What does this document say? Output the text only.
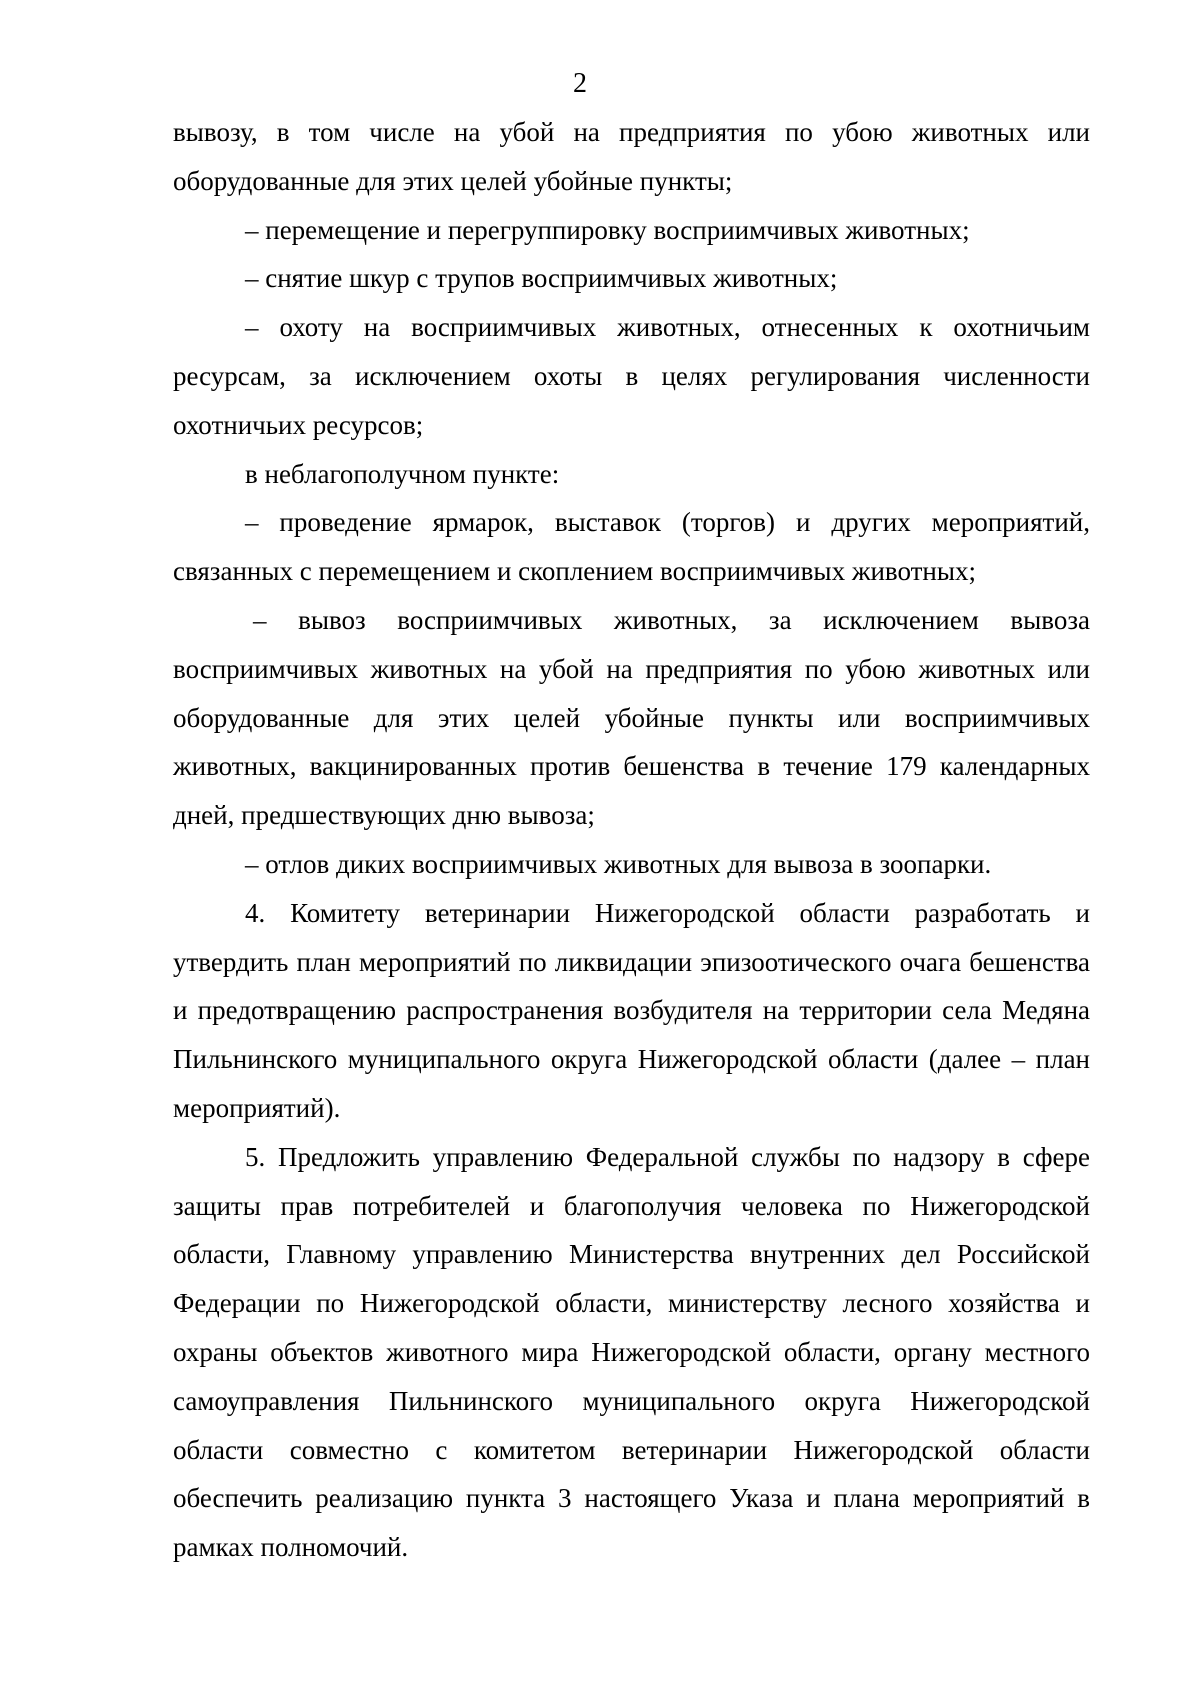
2

вывозу, в том числе на убой на предприятия по убою животных или оборудованные для этих целей убойные пункты;

– перемещение и перегруппировку восприимчивых животных;

– снятие шкур с трупов восприимчивых животных;

– охоту на восприимчивых животных, отнесенных к охотничьим ресурсам, за исключением охоты в целях регулирования численности охотничьих ресурсов;

в неблагополучном пункте:

– проведение ярмарок, выставок (торгов) и других мероприятий, связанных с перемещением и скоплением восприимчивых животных;

– вывоз восприимчивых животных, за исключением вывоза восприимчивых животных на убой на предприятия по убою животных или оборудованные для этих целей убойные пункты или восприимчивых животных, вакцинированных против бешенства в течение 179 календарных дней, предшествующих дню вывоза;

– отлов диких восприимчивых животных для вывоза в зоопарки.

4. Комитету ветеринарии Нижегородской области разработать и утвердить план мероприятий по ликвидации эпизоотического очага бешенства и предотвращению распространения возбудителя на территории села Медяна Пильнинского муниципального округа Нижегородской области (далее – план мероприятий).

5. Предложить управлению Федеральной службы по надзору в сфере защиты прав потребителей и благополучия человека по Нижегородской области, Главному управлению Министерства внутренних дел Российской Федерации по Нижегородской области, министерству лесного хозяйства и охраны объектов животного мира Нижегородской области, органу местного самоуправления Пильнинского муниципального округа Нижегородской области совместно с комитетом ветеринарии Нижегородской области обеспечить реализацию пункта 3 настоящего Указа и плана мероприятий в рамках полномочий.
